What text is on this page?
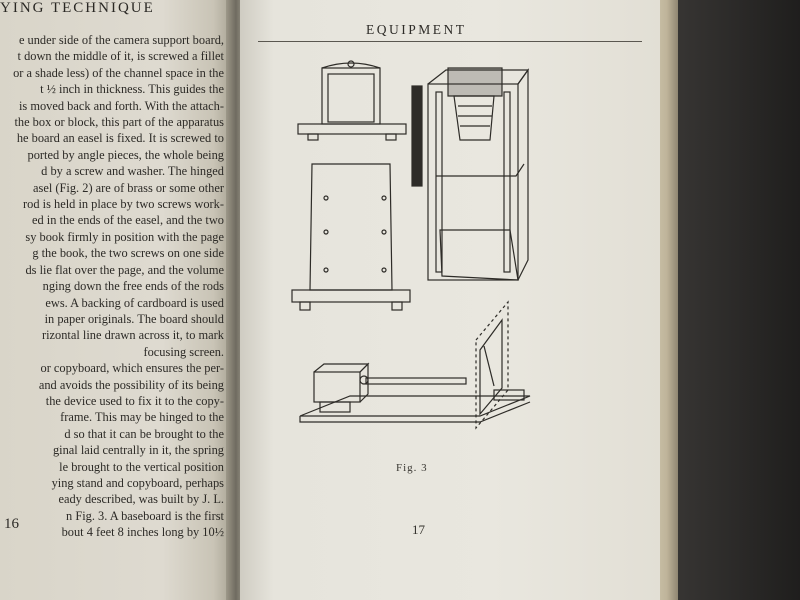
YING TECHNIQUE
e under side of the camera support board,
t down the middle of it, is screwed a fillet
or a shade less) of the channel space in the
t ½ inch in thickness. This guides the
is moved back and forth. With the attach-
the box or block, this part of the apparatus
he board an easel is fixed. It is screwed to
ported by angle pieces, the whole being
d by a screw and washer. The hinged
asel (Fig. 2) are of brass or some other
rod is held in place by two screws work-
ed in the ends of the easel, and the two
sy book firmly in position with the page
g the book, the two screws on one side
ds lie flat over the page, and the volume
nging down the free ends of the rods
ews. A backing of cardboard is used
in paper originals. The board should
rizontal line drawn across it, to mark
focusing screen.
or copyboard, which ensures the per-
and avoids the possibility of its being
the device used to fix it to the copy-
frame. This may be hinged to the
d so that it can be brought to the
ginal laid centrally in it, the spring
le brought to the vertical position
ying stand and copyboard, perhaps
eady described, was built by J. L.
n Fig. 3. A baseboard is the first
bout 4 feet 8 inches long by 10½
16
EQUIPMENT
Fig. 3
17
